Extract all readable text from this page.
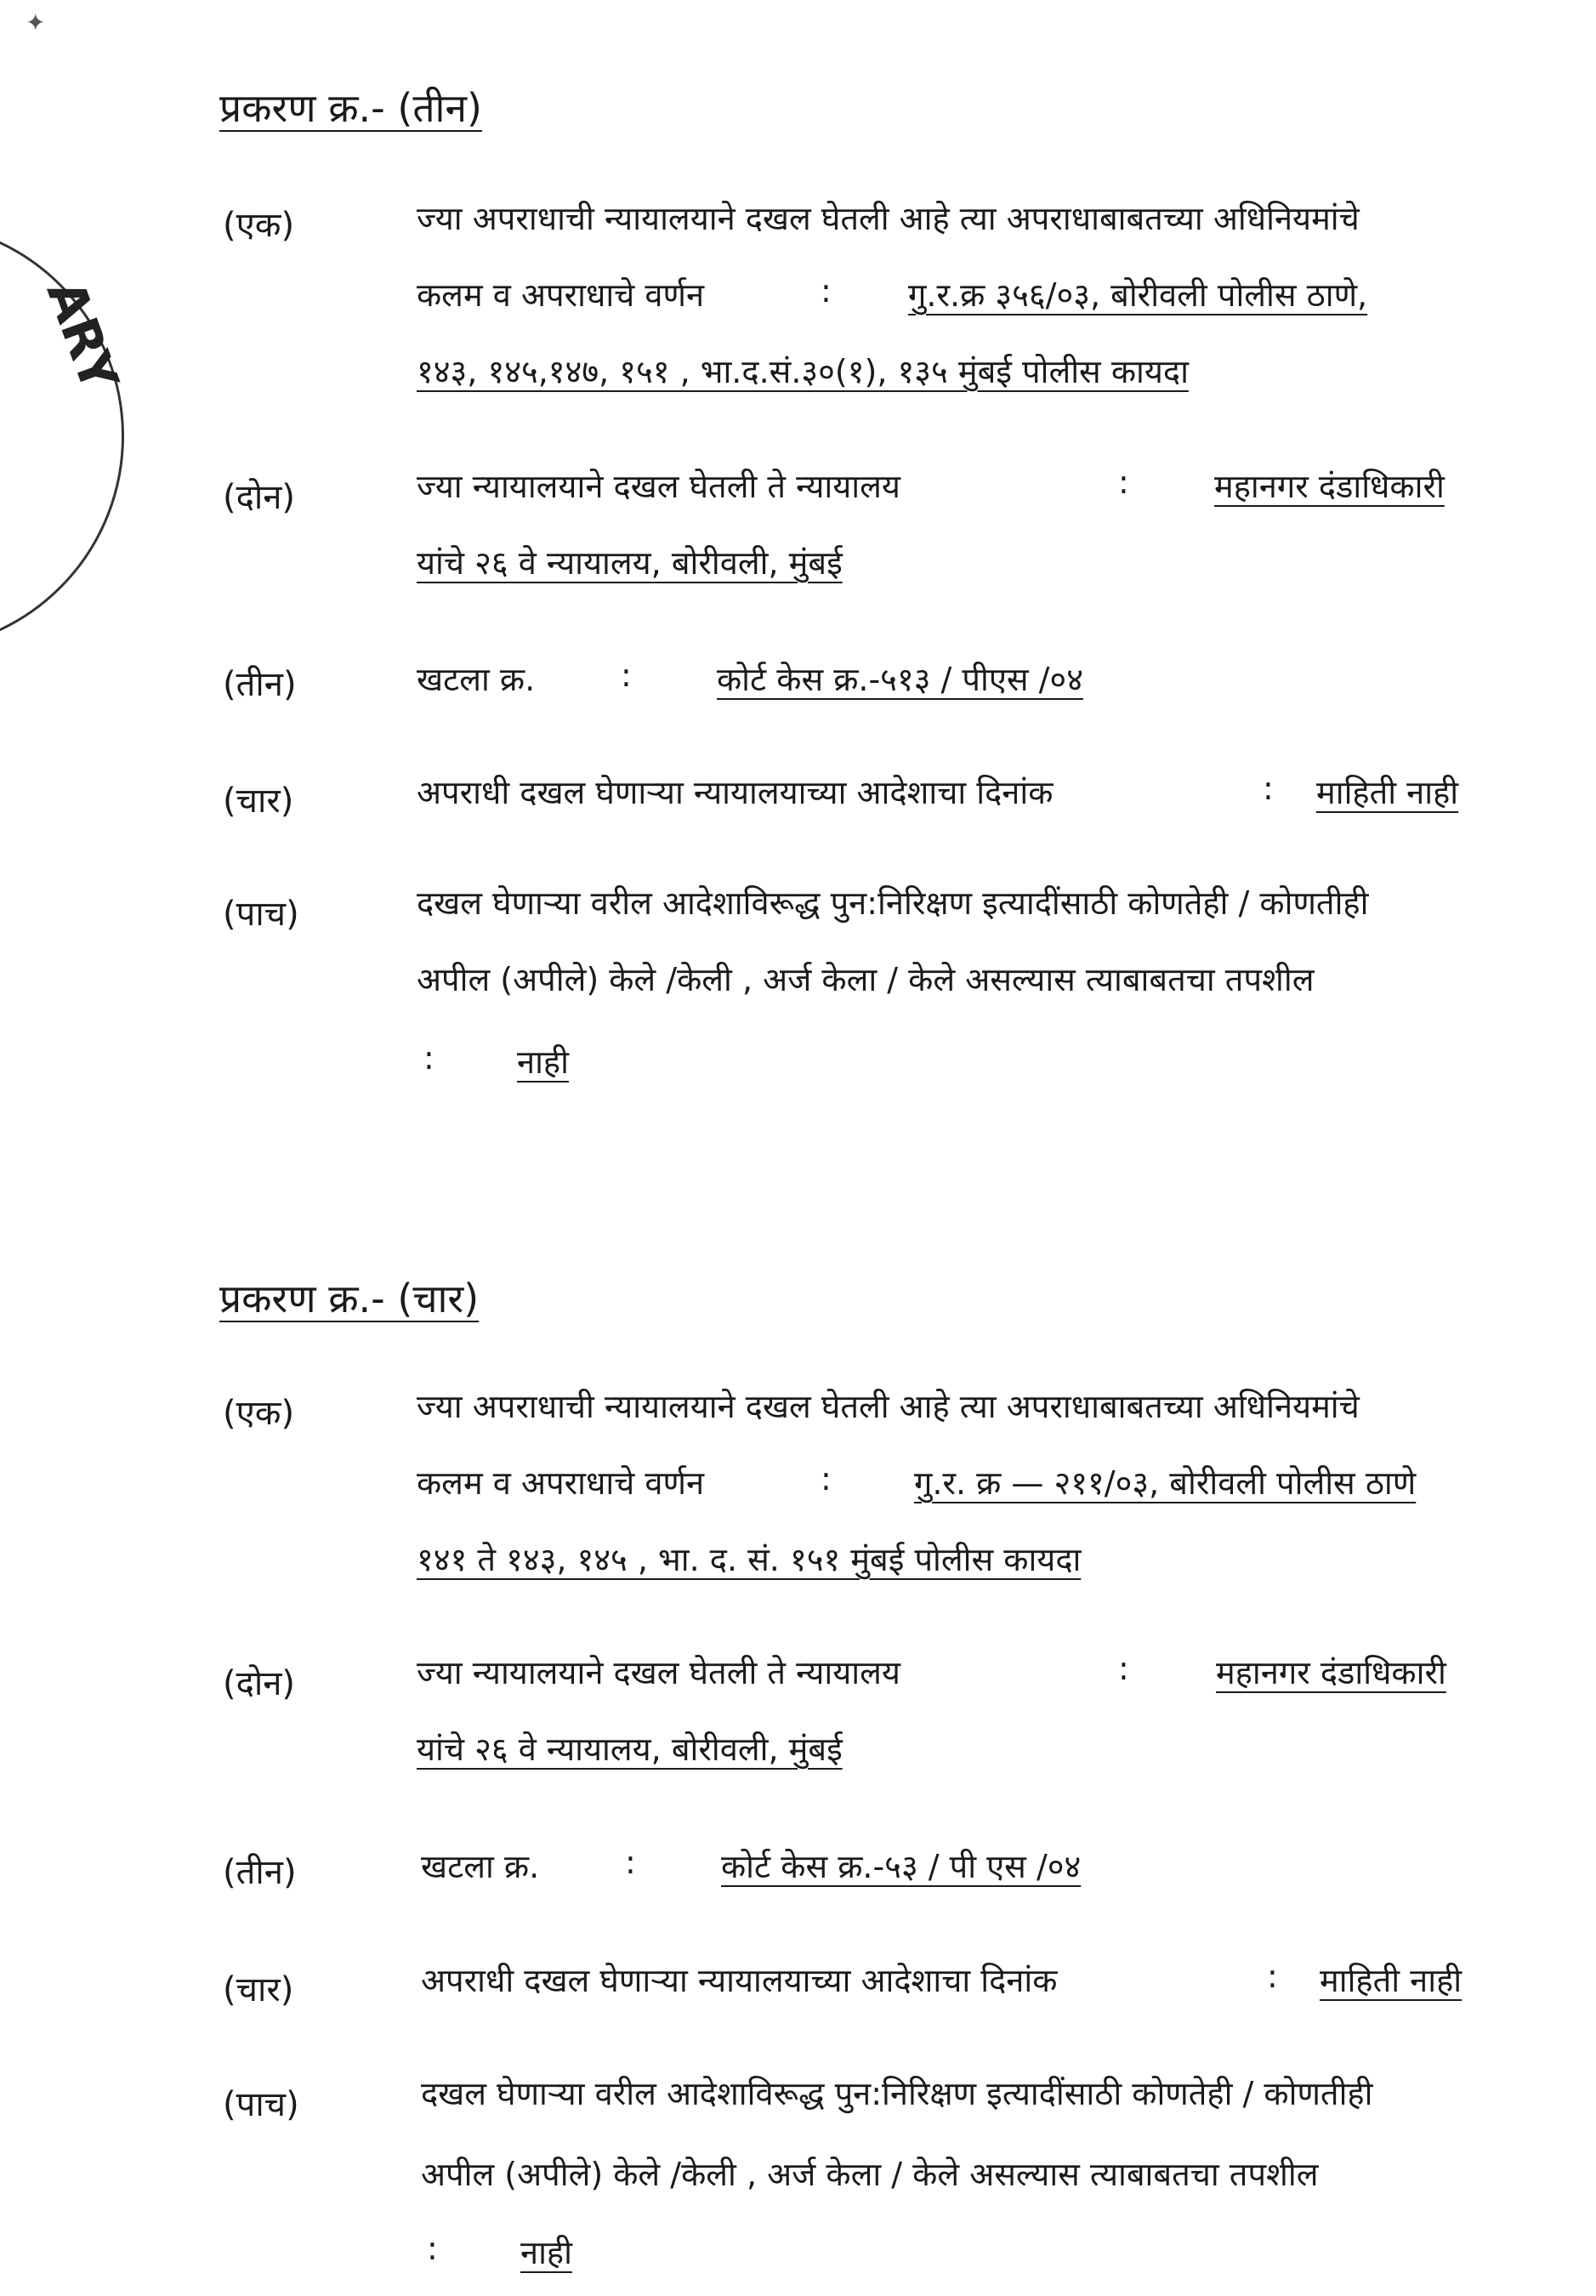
ARY
✦
प्रकरण क्र.- (तीन)
(एक)	ज्या अपराधाची न्यायालयाने दखल घेतली आहे त्या अपराधाबाबतच्या अधिनियमांचे
कलम व अपराधाचे वर्णन	: गु.र.क्र ३५६/०३, बोरीवली पोलीस ठाणे,
१४३, १४५,१४७, १५१ , भा.द.सं.३०(१), १३५ मुंबई पोलीस कायदा
(दोन)	ज्या न्यायालयाने दखल घेतली ते न्यायालय	:	महानगर दंडाधिकारी
यांचे २६ वे न्यायालय, बोरीवली, मुंबई
(तीन)	खटला क्र.	:	कोर्ट केस क्र.-५१३ / पीएस /०४
(चार)	अपराधी दखल घेणाऱ्या न्यायालयाच्या आदेशाचा दिनांक	: माहिती नाही
(पाच)	दखल घेणाऱ्या वरील आदेशाविरूद्ध पुन:निरिक्षण इत्यादींसाठी कोणतेही / कोणतीही
अपील (अपीले) केले /केली , अर्ज केला / केले असल्यास त्याबाबतचा तपशील
:	नाही
प्रकरण क्र.- (चार)
(एक)	ज्या अपराधाची न्यायालयाने दखल घेतली आहे त्या अपराधाबाबतच्या अधिनियमांचे
कलम व अपराधाचे वर्णन	:	गु.र. क्र — २११/०३, बोरीवली पोलीस ठाणे
१४१ ते १४३, १४५ , भा. द. सं. १५१ मुंबई पोलीस कायदा
(दोन)	ज्या न्यायालयाने दखल घेतली ते न्यायालय	:	महानगर दंडाधिकारी
यांचे २६ वे न्यायालय, बोरीवली, मुंबई
(तीन)	खटला क्र.	:	कोर्ट केस क्र.-५३ / पी एस /०४
(चार)	अपराधी दखल घेणाऱ्या न्यायालयाच्या आदेशाचा दिनांक	: माहिती नाही
(पाच)	दखल घेणाऱ्या वरील आदेशाविरूद्ध पुन:निरिक्षण इत्यादींसाठी कोणतेही / कोणतीही
अपील (अपीले) केले /केली , अर्ज केला / केले असल्यास त्याबाबतचा तपशील
:	नाही
